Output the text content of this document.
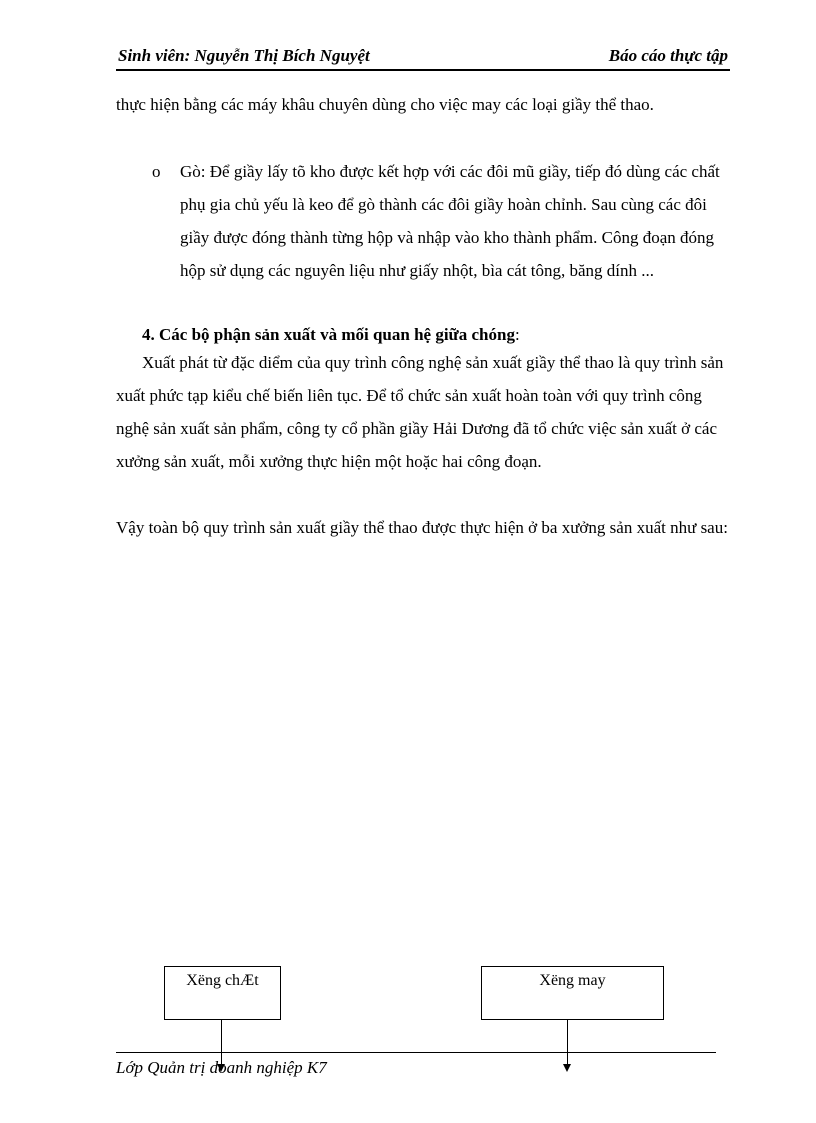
Sinh viên: Nguyễn Thị Bích Nguyệt	Báo cáo thực tập

thực hiện bằng các máy khâu chuyên dùng cho việc may các loại giầy thể thao.

o Gò: Để giầy lấy tõ kho được kết hợp với các đôi mũ giầy, tiếp đó dùng các chất phụ gia chủ yếu là keo để gò thành các đôi giầy hoàn chỉnh. Sau cùng các đôi giầy được đóng thành từng hộp và nhập vào kho thành phẩm. Công đoạn đóng hộp sử dụng các nguyên liệu như giấy nhột, bìa cát tông, băng dính ...

4. Các bộ phận sản xuất và mối quan hệ giữa chóng:

Xuất phát từ đặc diểm của quy trình công nghệ sản xuất giầy thể thao là quy trình sản xuất phức tạp kiểu chế biến liên tục. Để tổ chức sản xuất hoàn toàn với quy trình công nghệ sản xuất sản phẩm, công ty cổ phần giầy Hải Dương đã tổ chức việc sản xuất ở các xưởng sản xuất, mỗi xưởng thực hiện một hoặc hai công đoạn.

Vậy toàn bộ quy trình sản xuất giầy thể thao được thực hiện ở ba xưởng sản xuất như sau:

Xëng chÆt	Xëng may
Lớp Quản trị doanh nghiệp K7
